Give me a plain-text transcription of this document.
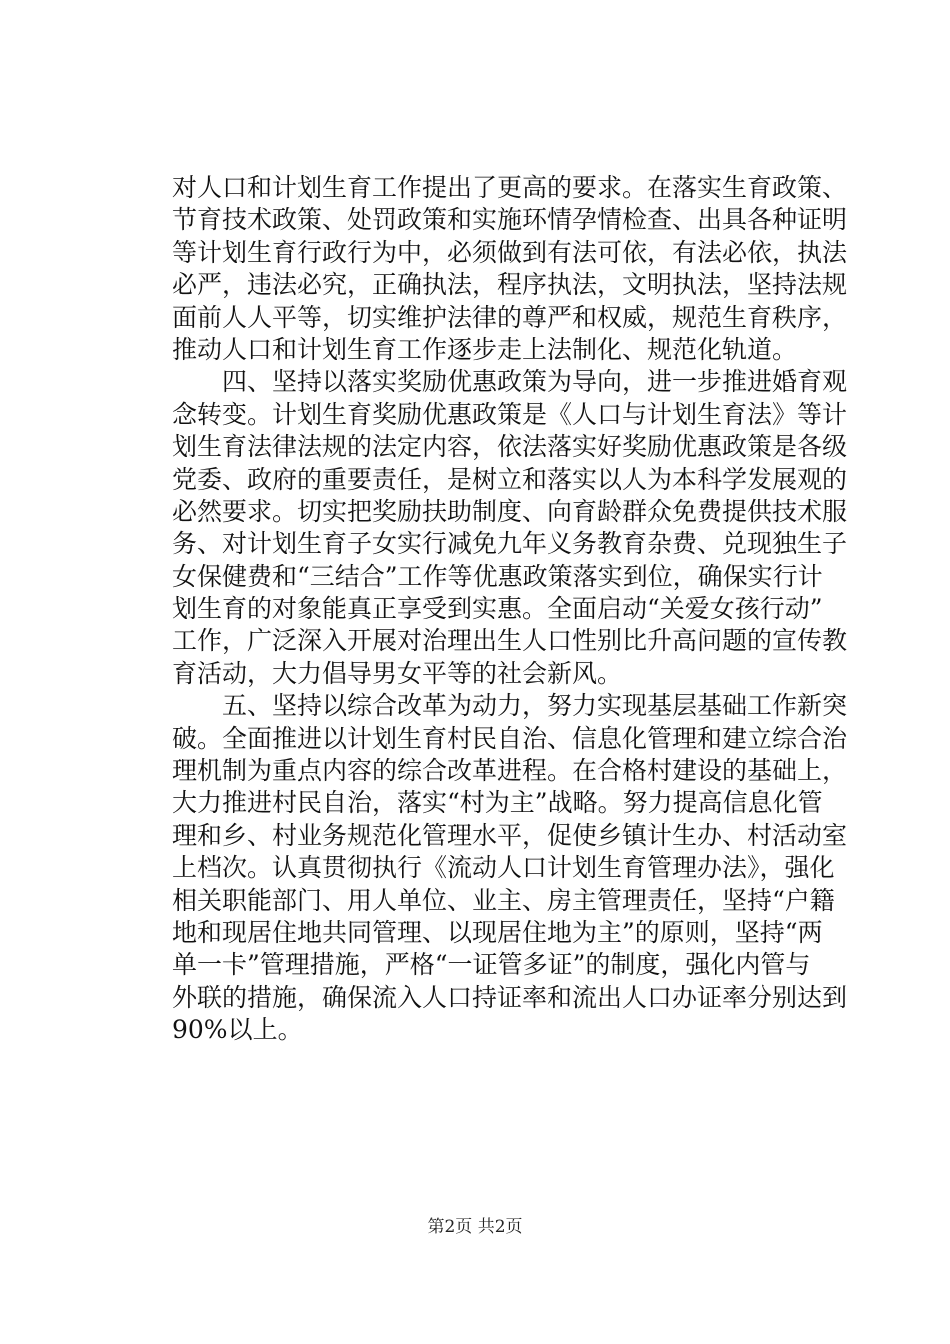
对人口和计划生育工作提出了更高的要求。在落实生育政策、
节育技术政策、处罚政策和实施环情孕情检查、出具各种证明
等计划生育行政行为中，必须做到有法可依，有法必依，执法
必严，违法必究，正确执法，程序执法，文明执法，坚持法规
面前人人平等，切实维护法律的尊严和权威，规范生育秩序，
推动人口和计划生育工作逐步走上法制化、规范化轨道。
　　四、坚持以落实奖励优惠政策为导向，进一步推进婚育观
念转变。计划生育奖励优惠政策是《人口与计划生育法》等计
划生育法律法规的法定内容，依法落实好奖励优惠政策是各级
党委、政府的重要责任，是树立和落实以人为本科学发展观的
必然要求。切实把奖励扶助制度、向育龄群众免费提供技术服
务、对计划生育子女实行减免九年义务教育杂费、兑现独生子
女保健费和“三结合”工作等优惠政策落实到位，确保实行计
划生育的对象能真正享受到实惠。全面启动“关爱女孩行动”
工作，广泛深入开展对治理出生人口性别比升高问题的宣传教
育活动，大力倡导男女平等的社会新风。
　　五、坚持以综合改革为动力，努力实现基层基础工作新突
破。全面推进以计划生育村民自治、信息化管理和建立综合治
理机制为重点内容的综合改革进程。在合格村建设的基础上，
大力推进村民自治，落实“村为主”战略。努力提高信息化管
理和乡、村业务规范化管理水平，促使乡镇计生办、村活动室
上档次。认真贯彻执行《流动人口计划生育管理办法》，强化
相关职能部门、用人单位、业主、房主管理责任，坚持“户籍
地和现居住地共同管理、以现居住地为主”的原则，坚持“两
单一卡”管理措施，严格“一证管多证”的制度，强化内管与
外联的措施，确保流入人口持证率和流出人口办证率分别达到
90%以上。
第2页 共2页
